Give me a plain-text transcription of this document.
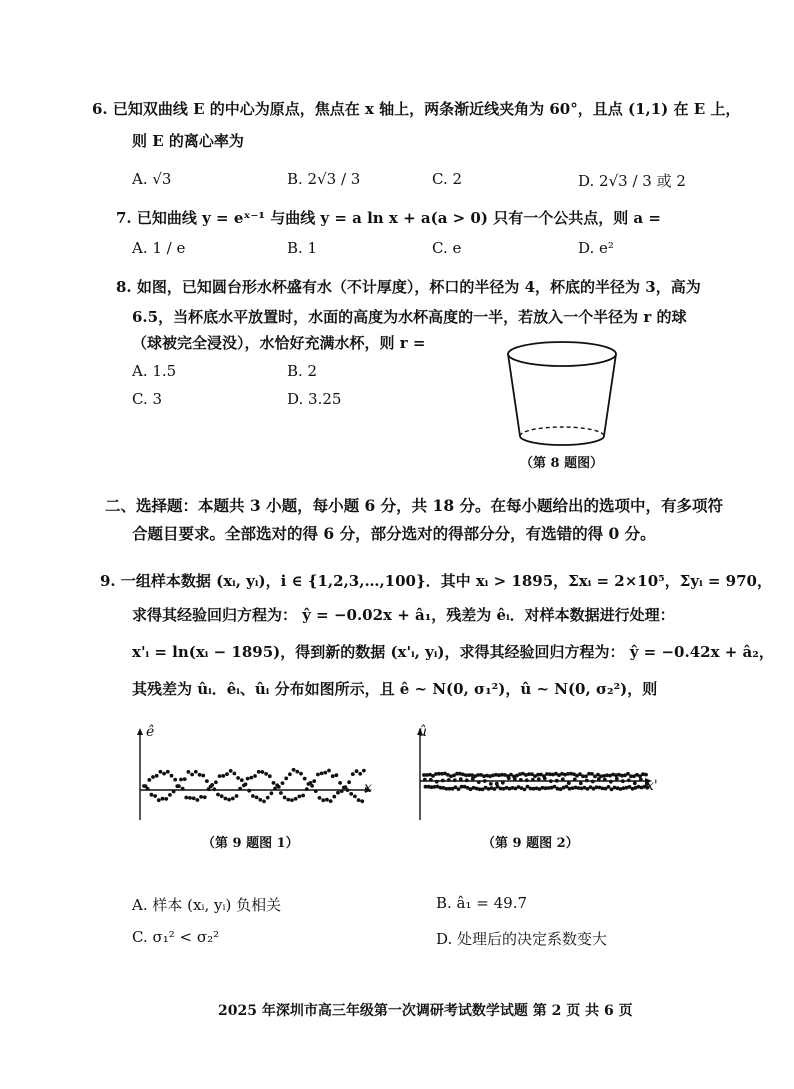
6. 已知双曲线 E 的中心为原点，焦点在 x 轴上，两条渐近线夹角为 60°，且点 (1,1) 在 E 上，
则 E 的离心率为
A. √3	B. 2√3 / 3	C. 2	D. 2√3 / 3 或 2
7. 已知曲线 y = eˣ⁻¹ 与曲线 y = a ln x + a(a > 0) 只有一个公共点，则 a =
A. 1 / e	B. 1	C. e	D. e²
8. 如图，已知圆台形水杯盛有水（不计厚度），杯口的半径为 4，杯底的半径为 3，高为
6.5，当杯底水平放置时，水面的高度为水杯高度的一半，若放入一个半径为 r 的球
（球被完全浸没），水恰好充满水杯，则 r =
A. 1.5	B. 2
C. 3	D. 3.25
（第 8 题图）
二、选择题：本题共 3 小题，每小题 6 分，共 18 分。在每小题给出的选项中，有多项符
合题目要求。全部选对的得 6 分，部分选对的得部分分，有选错的得 0 分。
9. 一组样本数据 (xᵢ, yᵢ)，i ∈ {1,2,3,…,100}．其中 xᵢ > 1895，Σxᵢ = 2×10⁵，Σyᵢ = 970，
求得其经验回归方程为： ŷ = −0.02x + â₁，残差为 êᵢ．对样本数据进行处理：
x'ᵢ = ln(xᵢ − 1895)，得到新的数据 (x'ᵢ, yᵢ)，求得其经验回归方程为： ŷ = −0.42x + â₂，
其残差为 ûᵢ．êᵢ、ûᵢ 分布如图所示，且 ê ~ N(0, σ₁²)，û ~ N(0, σ₂²)，则
ê
x
（第 9 题图 1）
û
x'
（第 9 题图 2）
A. 样本 (xᵢ, yᵢ) 负相关	B. â₁ = 49.7
C. σ₁² < σ₂²	D. 处理后的决定系数变大
2025 年深圳市高三年级第一次调研考试数学试题 第 2 页 共 6 页
